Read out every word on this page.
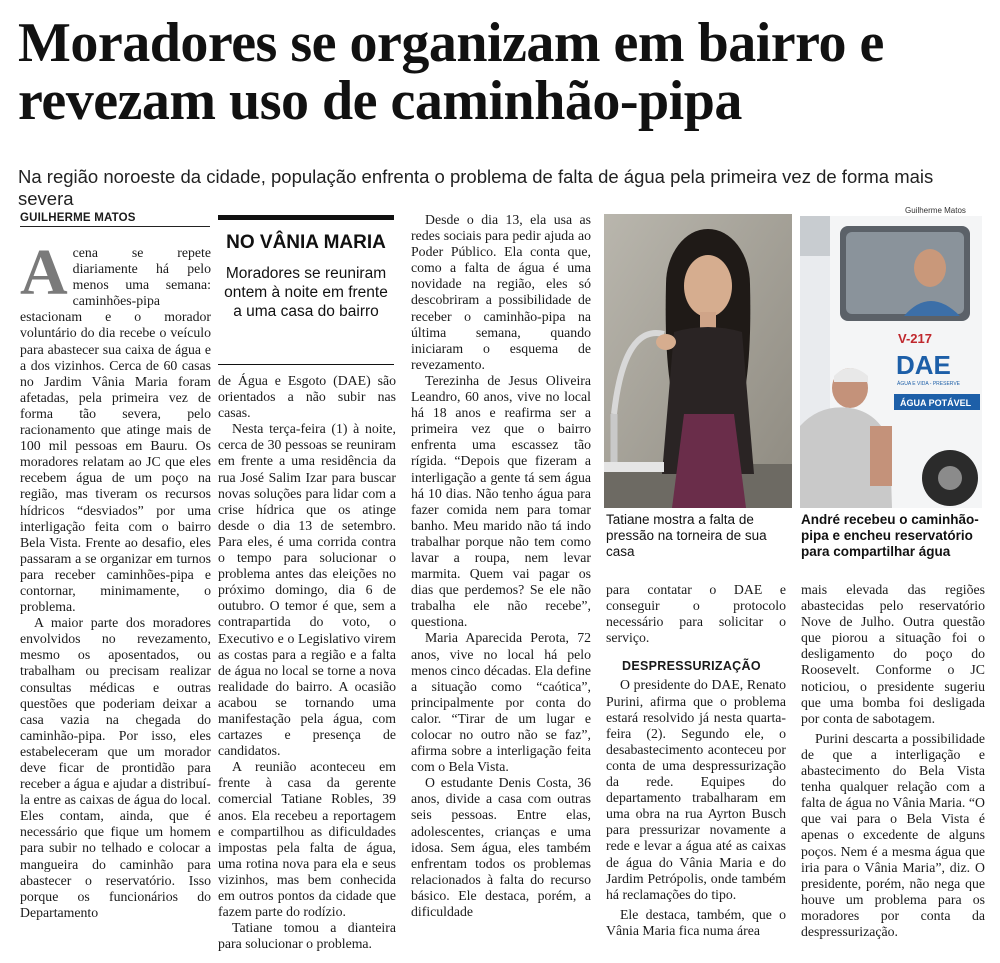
Moradores se organizam em bairro e revezam uso de caminhão-pipa
Na região noroeste da cidade, população enfrenta o problema de falta de água pela primeira vez de forma mais severa
GUILHERME MATOS

Acena se repete diariamente há pelo menos uma semana: caminhões-pipa estacionam e o morador voluntário do dia recebe o veículo para abastecer sua caixa de água e a dos vizinhos. Cerca de 60 casas no Jardim Vânia Maria foram afetadas, pela primeira vez de forma tão severa, pelo racionamento que atinge mais de 100 mil pessoas em Bauru. Os moradores relatam ao JC que eles recebem água de um poço na região, mas tiveram os recursos hídricos “desviados” por uma interligação feita com o bairro Bela Vista. Frente ao desafio, eles passaram a se organizar em turnos para receber caminhões-pipa e contornar, minimamente, o problema.

A maior parte dos moradores envolvidos no revezamento, mesmo os aposentados, ou trabalham ou precisam realizar consultas médicas e outras questões que poderiam deixar a casa vazia na chegada do caminhão-pipa. Por isso, eles estabeleceram que um morador deve ficar de prontidão para receber a água e ajudar a distribuí-la entre as caixas de água do local. Eles contam, ainda, que é necessário que fique um homem para subir no telhado e colocar a mangueira do caminhão para abastecer o reservatório. Isso porque os funcionários do Departamento

NO VÂNIA MARIA
Moradores se reuniram ontem à noite em frente a uma casa do bairro

de Água e Esgoto (DAE) são orientados a não subir nas casas.

Nesta terça-feira (1) à noite, cerca de 30 pessoas se reuniram em frente a uma residência da rua José Salim Izar para buscar novas soluções para lidar com a crise hídrica que os atinge desde o dia 13 de setembro. Para eles, é uma corrida contra o tempo para solucionar o problema antes das eleições no próximo domingo, dia 6 de outubro. O temor é que, sem a contrapartida do voto, o Executivo e o Legislativo virem as costas para a região e a falta de água no local se torne a nova realidade do bairro. A ocasião acabou se tornando uma manifestação pela água, com cartazes e presença de candidatos.

A reunião aconteceu em frente à casa da gerente comercial Tatiane Robles, 39 anos. Ela recebeu a reportagem e compartilhou as dificuldades impostas pela falta de água, uma rotina nova para ela e seus vizinhos, mas bem conhecida em outros pontos da cidade que fazem parte do rodízio.

Tatiane tomou a dianteira para solucionar o problema.

Desde o dia 13, ela usa as redes sociais para pedir ajuda ao Poder Público. Ela conta que, como a falta de água é uma novidade na região, eles só descobriram a possibilidade de receber o caminhão-pipa na última semana, quando iniciaram o esquema de revezamento.

Terezinha de Jesus Oliveira Leandro, 60 anos, vive no local há 18 anos e reafirma ser a primeira vez que o bairro enfrenta uma escassez tão rígida. “Depois que fizeram a interligação a gente tá sem água há 10 dias. Não tenho água para fazer comida nem para tomar banho. Meu marido não tá indo trabalhar porque não tem como lavar a roupa, nem levar marmita. Quem vai pagar os dias que perdemos? Se ele não trabalha ele não recebe”, questiona.

Maria Aparecida Perota, 72 anos, vive no local há pelo menos cinco décadas. Ela define a situação como “caótica”, principalmente por conta do calor. “Tirar de um lugar e colocar no outro não se faz”, afirma sobre a interligação feita com o Bela Vista.

O estudante Denis Costa, 36 anos, divide a casa com outras seis pessoas. Entre elas, adolescentes, crianças e uma idosa. Sem água, eles também enfrentam todos os problemas relacionados à falta do recurso básico. Ele destaca, porém, a dificuldade

Tatiane mostra a falta de pressão na torneira de sua casa
Guilherme Matos
V-217
DAE
ÁGUA E VIDA - PRESERVE
ÁGUA POTÁVEL
André recebeu o caminhão-pipa e encheu reservatório para compartilhar água

para contatar o DAE e conseguir o protocolo necessário para solicitar o serviço.

DESPRESSURIZAÇÃO

O presidente do DAE, Renato Purini, afirma que o problema estará resolvido já nesta quarta-feira (2). Segundo ele, o desabastecimento aconteceu por conta de uma despressurização da rede. Equipes do departamento trabalharam em uma obra na rua Ayrton Busch para pressurizar novamente a rede e levar a água até as caixas de água do Vânia Maria e do Jardim Petrópolis, onde também há reclamações do tipo.

Ele destaca, também, que o Vânia Maria fica numa área

mais elevada das regiões abastecidas pelo reservatório Nove de Julho. Outra questão que piorou a situação foi o desligamento do poço do Roosevelt. Conforme o JC noticiou, o presidente sugeriu que uma bomba foi desligada por conta de sabotagem.

Purini descarta a possibilidade de que a interligação e abastecimento do Bela Vista tenha qualquer relação com a falta de água no Vânia Maria. “O que vai para o Bela Vista é apenas o excedente de alguns poços. Nem é a mesma água que iria para o Vânia Maria”, diz. O presidente, porém, não nega que houve um problema para os moradores por conta da despressurização.
